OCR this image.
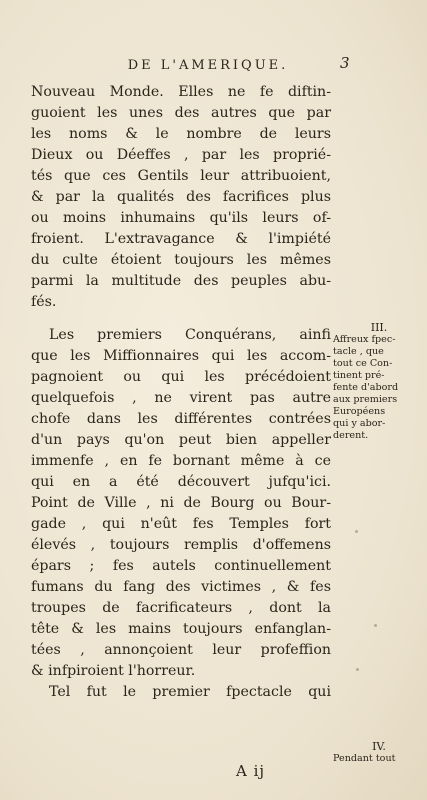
DE L'AMERIQUE.	3
Nouveau Monde. Elles ne fe diftin-
guoient les unes des autres que par
les noms & le nombre de leurs
Dieux ou Déeffes , par les proprié-
tés que ces Gentils leur attribuoient,
& par la qualités des facrifices plus
ou moins inhumains qu'ils leurs of-
froient. L'extravagance & l'impiété
du culte étoient toujours les mêmes
parmi la multitude des peuples abu-
fés.
Les premiers Conquérans, ainfi
que les Miffionnaires qui les accom-
pagnoient ou qui les précédoient
quelquefois , ne virent pas autre
chofe dans les différentes contrées
d'un pays qu'on peut bien appeller
immenfe , en fe bornant même à ce
qui en a été découvert jufqu'ici.
Point de Ville , ni de Bourg ou Bour-
gade , qui n'eût fes Temples fort
élevés , toujours remplis d'offemens
épars ; fes autels continuellement
fumans du fang des victimes , & fes
troupes de facrificateurs , dont la
tête & les mains toujours enfanglan-
tées , annonçoient leur profeffion
& infpiroient l'horreur.
Tel fut le premier fpectacle qui
III.
Affreux fpec-
tacle , que
tout ce Con-
tinent pré-
fente d'abord
aux premiers
Européens
qui y abor-
derent.
IV.
Pendant tout
A ij
